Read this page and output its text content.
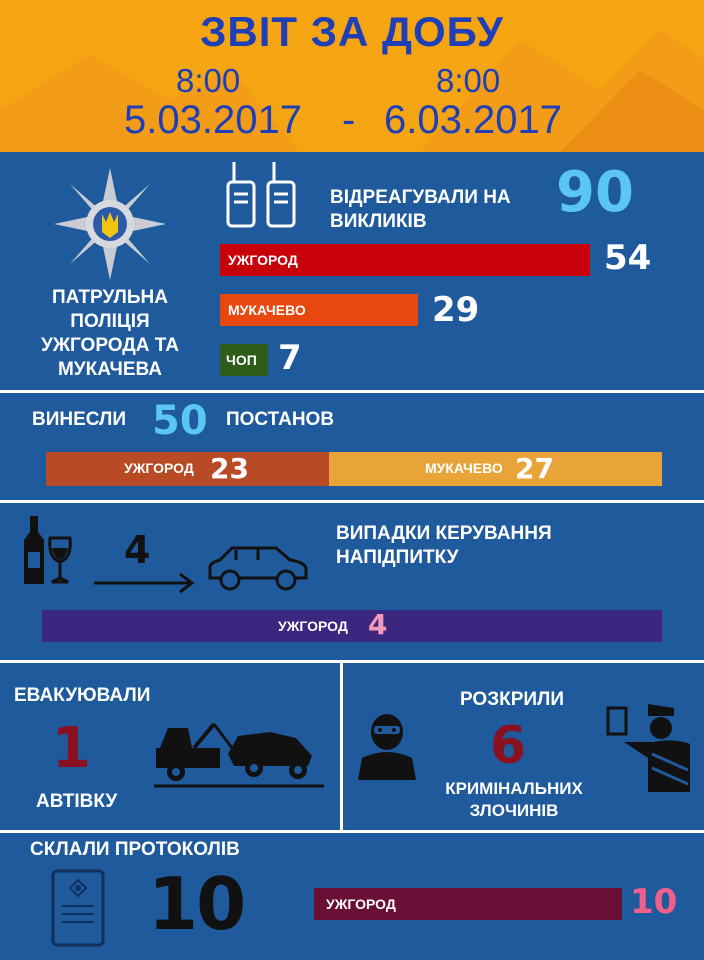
ЗВІТ ЗА ДОБУ
8:00	8:00
5.03.2017 - 6.03.2017
ПАТРУЛЬНА ПОЛІЦІЯ УЖГОРОДА ТА МУКАЧЕВА
ВІДРЕАГУВАЛИ НА ВИКЛИКІВ	90
УЖГОРОД	54
МУКАЧЕВО	29
ЧОП 7
ВИНЕСЛИ 50 ПОСТАНОВ
УЖГОРОД 23	МУКАЧЕВО 27
4	ВИПАДКИ КЕРУВАННЯ НАПІДПИТКУ
УЖГОРОД 4
ЕВАКУЮВАЛИ
1
АВТІВКУ
РОЗКРИЛИ
6
КРИМІНАЛЬНИХ ЗЛОЧИНІВ
СКЛАЛИ ПРОТОКОЛІВ
10	УЖГОРОД	10
